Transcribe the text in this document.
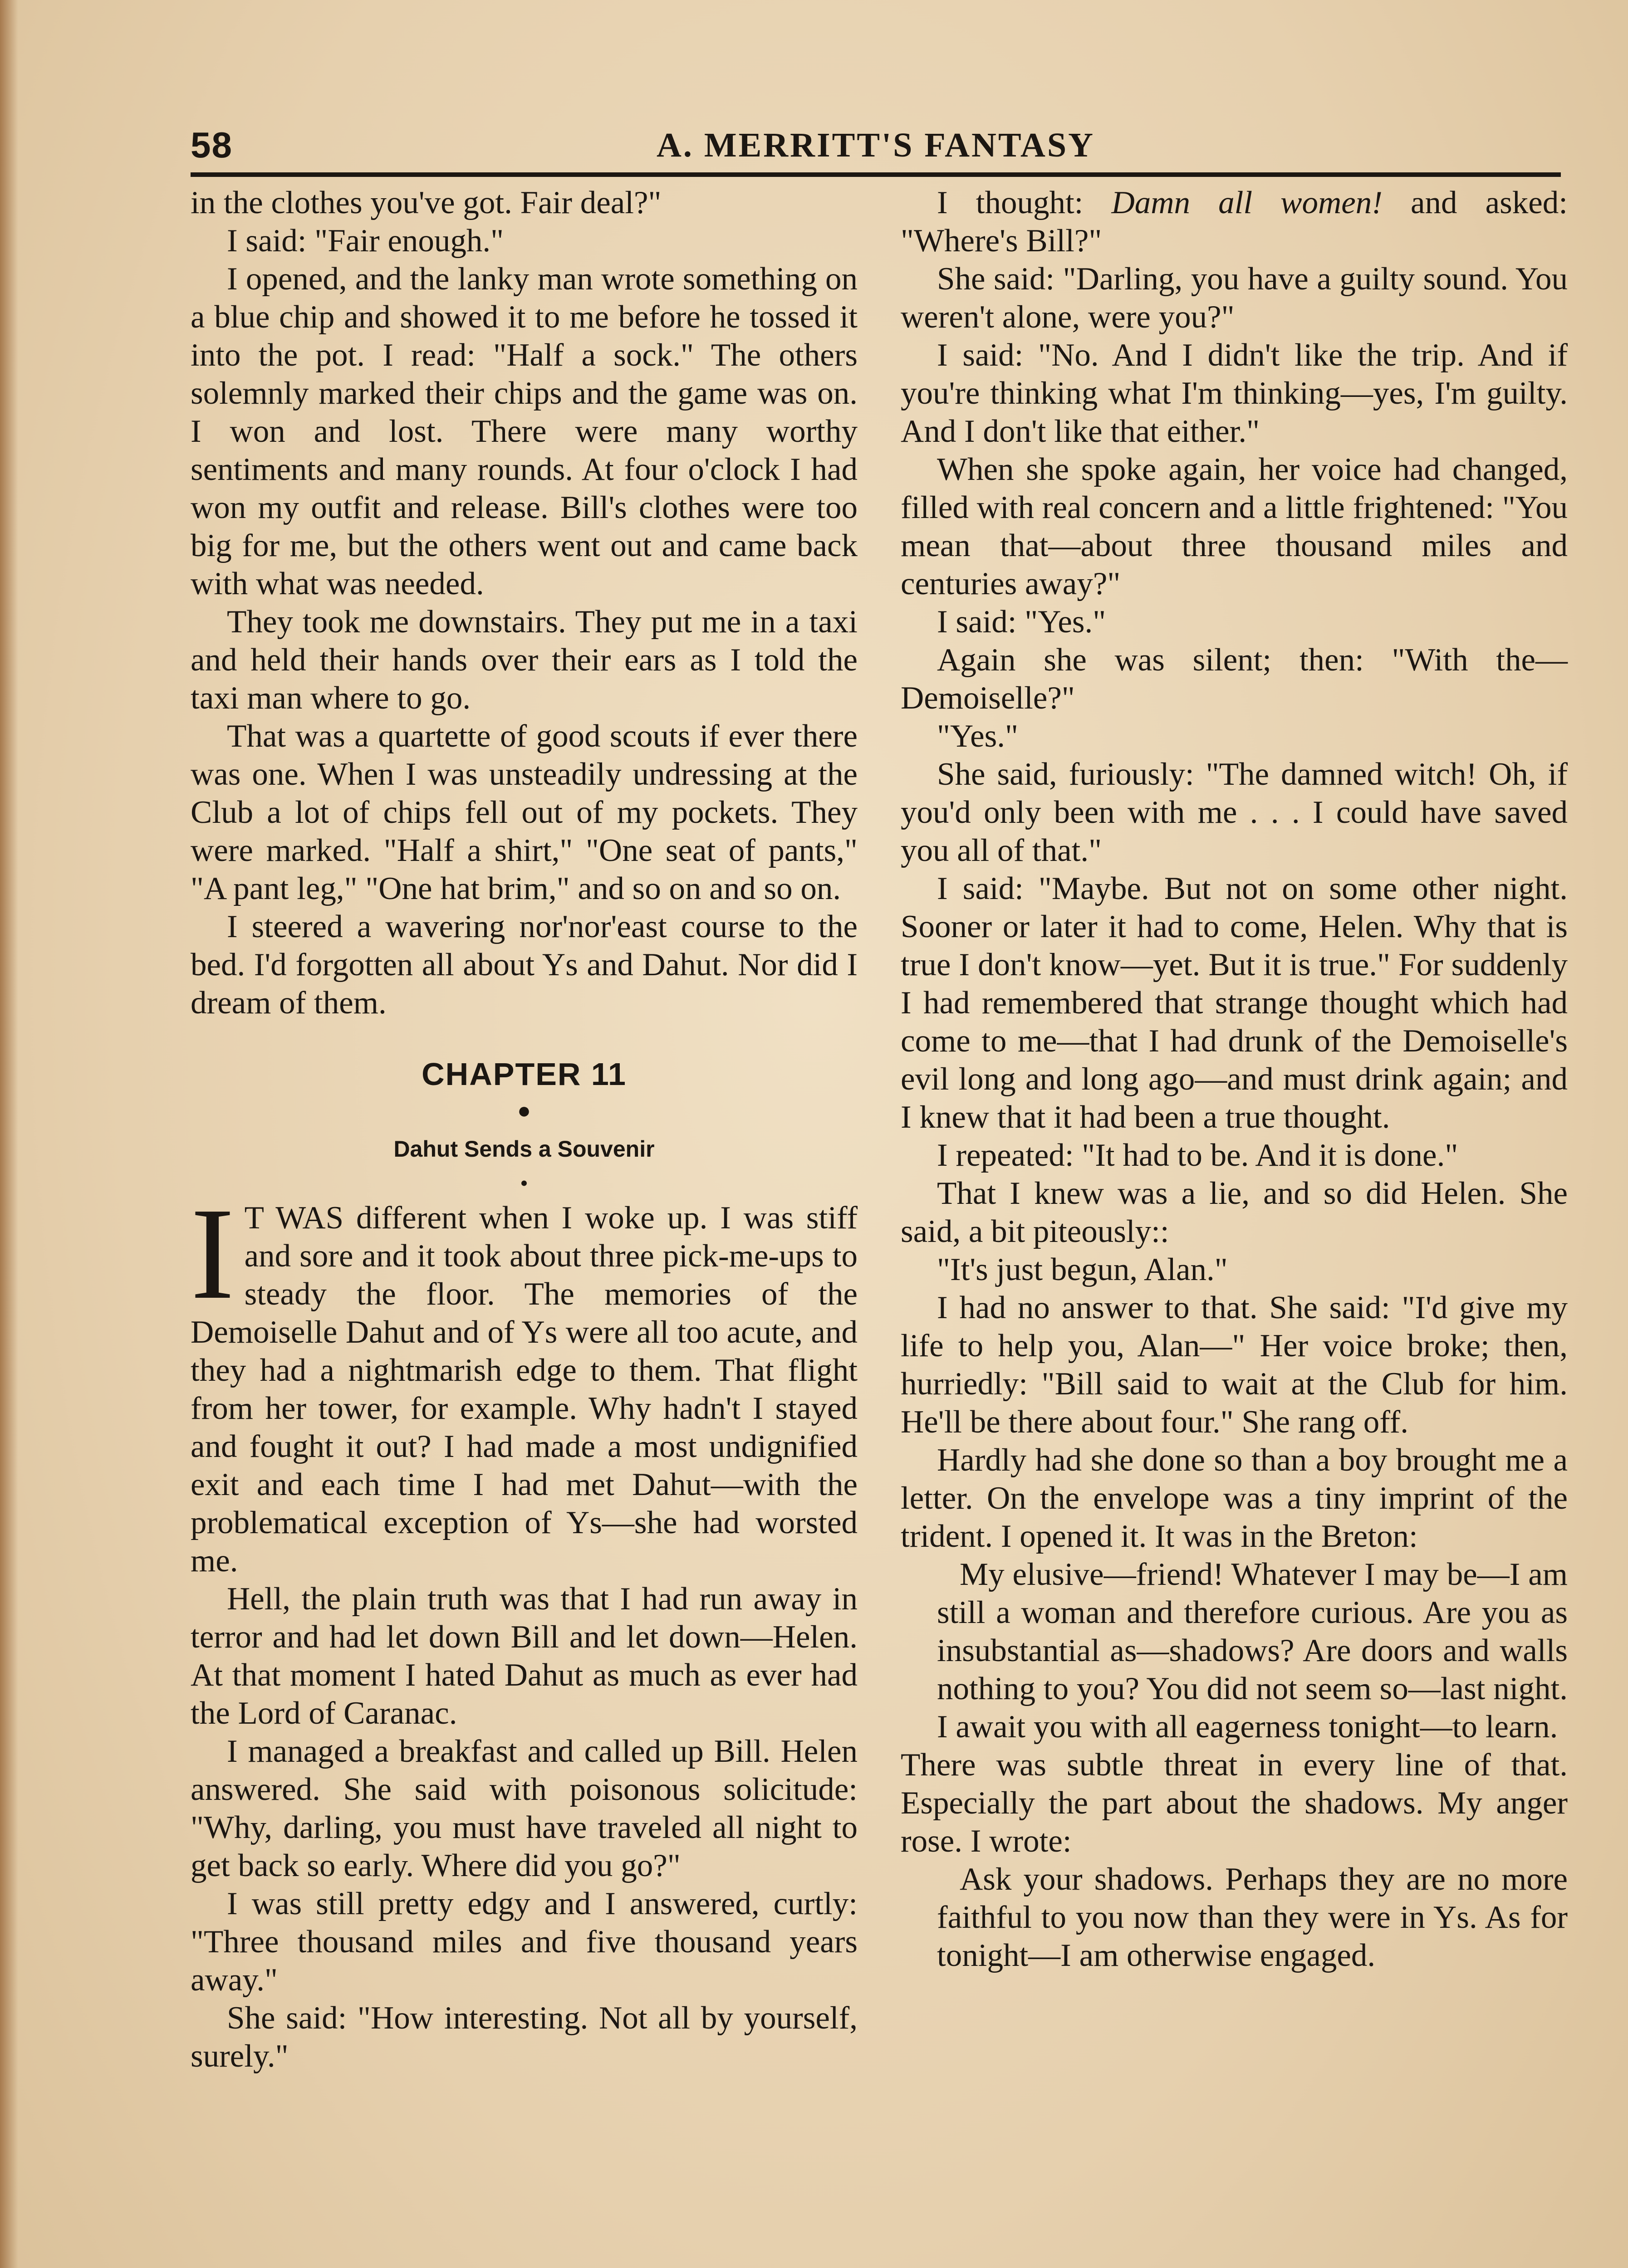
A. MERRITT'S FANTASY
58

in the clothes you've got. Fair deal?"

I said: "Fair enough."

I opened, and the lanky man wrote something on a blue chip and showed it to me before he tossed it into the pot. I read: "Half a sock." The others solemnly marked their chips and the game was on. I won and lost. There were many worthy sentiments and many rounds. At four o'clock I had won my outfit and release. Bill's clothes were too big for me, but the others went out and came back with what was needed.

They took me downstairs. They put me in a taxi and held their hands over their ears as I told the taxi man where to go.

That was a quartette of good scouts if ever there was one. When I was unsteadily undressing at the Club a lot of chips fell out of my pockets. They were marked. "Half a shirt," "One seat of pants," "A pant leg," "One hat brim," and so on and so on.

I steered a wavering nor'nor'east course to the bed. I'd forgotten all about Ys and Dahut. Nor did I dream of them.

CHAPTER 11
●
Dahut Sends a Souvenir
•

I T WAS different when I woke up. I was stiff and sore and it took about three pick-me-ups to steady the floor. The memories of the Demoiselle Dahut and of Ys were all too acute, and they had a nightmarish edge to them. That flight from her tower, for example. Why hadn't I stayed and fought it out? I had made a most undignified exit and each time I had met Dahut—with the problematical exception of Ys—she had worsted me.

Hell, the plain truth was that I had run away in terror and had let down Bill and let down—Helen. At that moment I hated Dahut as much as ever had the Lord of Caranac.

I managed a breakfast and called up Bill. Helen answered. She said with poisonous solicitude: "Why, darling, you must have traveled all night to get back so early. Where did you go?"

I was still pretty edgy and I answered, curtly: "Three thousand miles and five thousand years away."

She said: "How interesting. Not all by yourself, surely."

I thought: Damn all women! and asked: "Where's Bill?"

She said: "Darling, you have a guilty sound. You weren't alone, were you?"

I said: "No. And I didn't like the trip. And if you're thinking what I'm thinking—yes, I'm guilty. And I don't like that either."

When she spoke again, her voice had changed, filled with real concern and a little frightened: "You mean that—about three thousand miles and centuries away?"

I said: "Yes."

Again she was silent; then: "With the—Demoiselle?"

"Yes."

She said, furiously: "The damned witch! Oh, if you'd only been with me . . . I could have saved you all of that."

I said: "Maybe. But not on some other night. Sooner or later it had to come, Helen. Why that is true I don't know—yet. But it is true." For suddenly I had remembered that strange thought which had come to me—that I had drunk of the Demoiselle's evil long and long ago—and must drink again; and I knew that it had been a true thought.

I repeated: "It had to be. And it is done."

That I knew was a lie, and so did Helen. She said, a bit piteously::

"It's just begun, Alan."

I had no answer to that. She said: "I'd give my life to help you, Alan—" Her voice broke; then, hurriedly: "Bill said to wait at the Club for him. He'll be there about four." She rang off.

Hardly had she done so than a boy brought me a letter. On the envelope was a tiny imprint of the trident. I opened it. It was in the Breton:

My elusive—friend! Whatever I may be—I am still a woman and therefore curious. Are you as insubstantial as—shadows? Are doors and walls nothing to you? You did not seem so—last night. I await you with all eagerness tonight—to learn.

There was subtle threat in every line of that. Especially the part about the shadows. My anger rose. I wrote:

Ask your shadows. Perhaps they are no more faithful to you now than they were in Ys. As for tonight—I am otherwise engaged.
